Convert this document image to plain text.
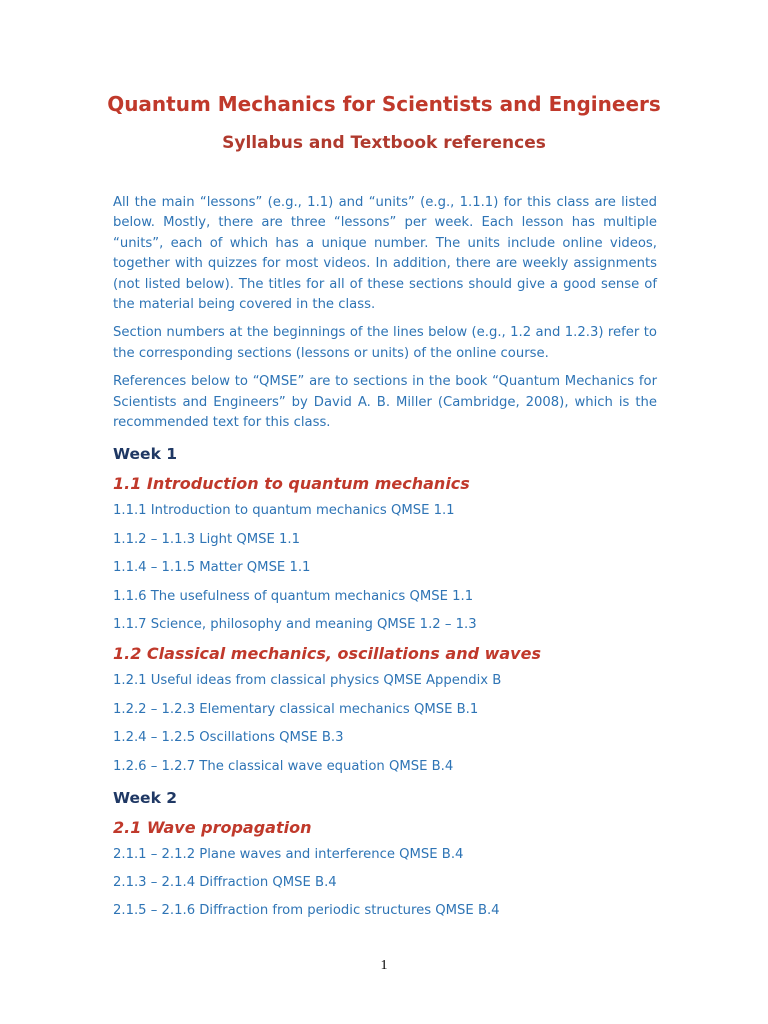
Quantum Mechanics for Scientists and Engineers
Syllabus and Textbook references

All the main “lessons” (e.g., 1.1) and “units” (e.g., 1.1.1) for this class are listed below. Mostly, there are three “lessons” per week. Each lesson has multiple “units”, each of which has a unique number. The units include online videos, together with quizzes for most videos. In addition, there are weekly assignments (not listed below). The titles for all of these sections should give a good sense of the material being covered in the class.

Section numbers at the beginnings of the lines below (e.g., 1.2 and 1.2.3) refer to the corresponding sections (lessons or units) of the online course.

References below to “QMSE” are to sections in the book “Quantum Mechanics for Scientists and Engineers” by David A. B. Miller (Cambridge, 2008), which is the recommended text for this class.

Week 1
1.1 Introduction to quantum mechanics
1.1.1 Introduction to quantum mechanics QMSE 1.1
1.1.2 – 1.1.3 Light QMSE 1.1
1.1.4 – 1.1.5 Matter QMSE 1.1
1.1.6 The usefulness of quantum mechanics QMSE 1.1
1.1.7 Science, philosophy and meaning QMSE 1.2 – 1.3
1.2 Classical mechanics, oscillations and waves
1.2.1 Useful ideas from classical physics QMSE Appendix B
1.2.2 – 1.2.3 Elementary classical mechanics QMSE B.1
1.2.4 – 1.2.5 Oscillations QMSE B.3
1.2.6 – 1.2.7 The classical wave equation QMSE B.4
Week 2
2.1 Wave propagation
2.1.1 – 2.1.2 Plane waves and interference QMSE B.4
2.1.3 – 2.1.4 Diffraction QMSE B.4
2.1.5 – 2.1.6 Diffraction from periodic structures QMSE B.4
1
